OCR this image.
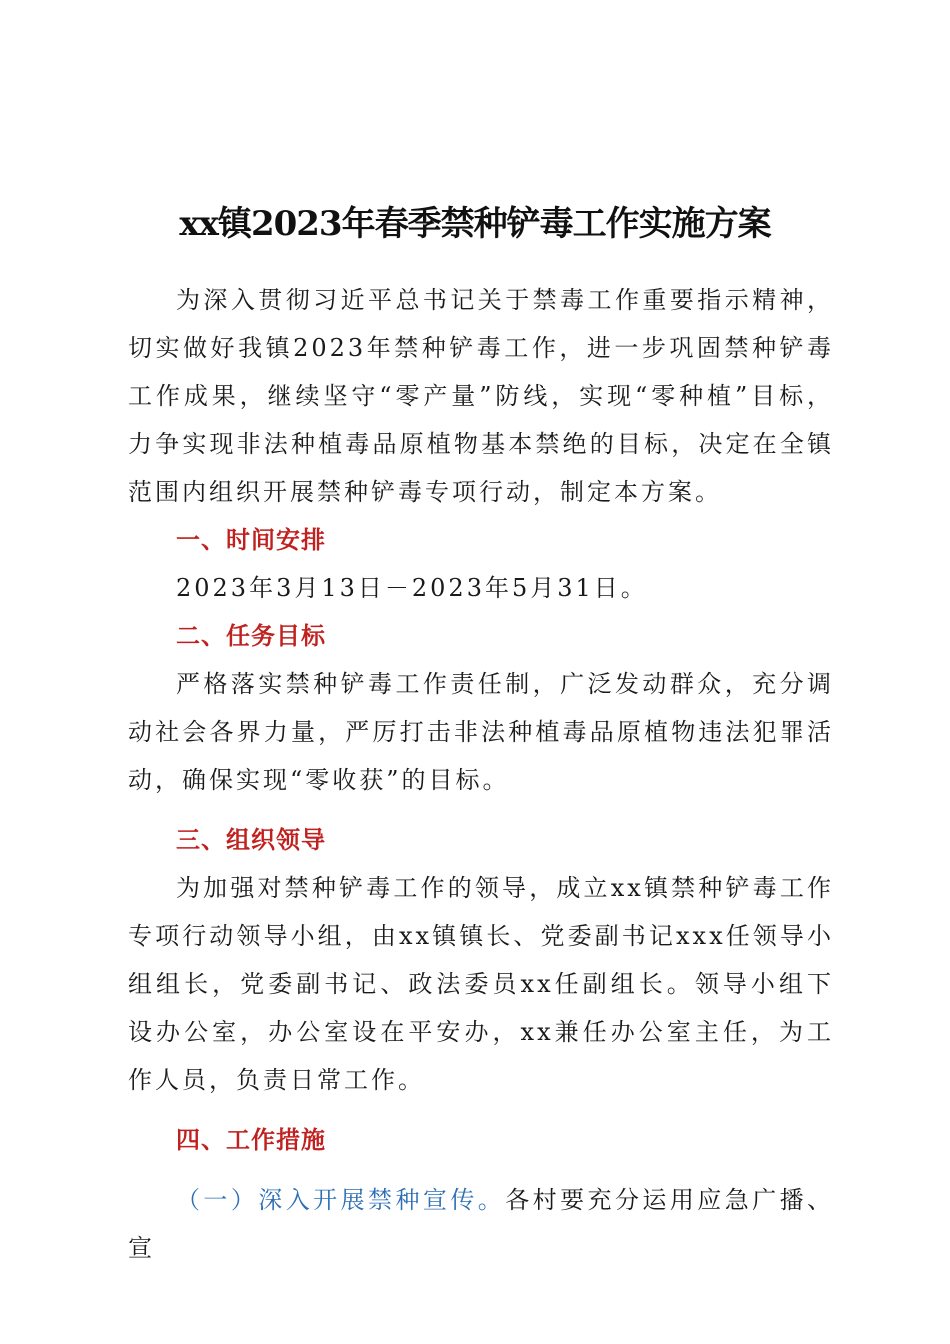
xx镇2023年春季禁种铲毒工作实施方案

为深入贯彻习近平总书记关于禁毒工作重要指示精神，切实做好我镇2023年禁种铲毒工作，进一步巩固禁种铲毒工作成果，继续坚守“零产量”防线，实现“零种植”目标，力争实现非法种植毒品原植物基本禁绝的目标，决定在全镇范围内组织开展禁种铲毒专项行动，制定本方案。

一、时间安排

2023年3月13日－2023年5月31日。

二、任务目标

严格落实禁种铲毒工作责任制，广泛发动群众，充分调动社会各界力量，严厉打击非法种植毒品原植物违法犯罪活动，确保实现“零收获”的目标。

三、组织领导

为加强对禁种铲毒工作的领导，成立xx镇禁种铲毒工作专项行动领导小组，由xx镇镇长、党委副书记xxx任领导小组组长，党委副书记、政法委员xx任副组长。领导小组下设办公室，办公室设在平安办，xx兼任办公室主任，为工作人员，负责日常工作。

四、工作措施

（一）深入开展禁种宣传。各村要充分运用应急广播、宣
